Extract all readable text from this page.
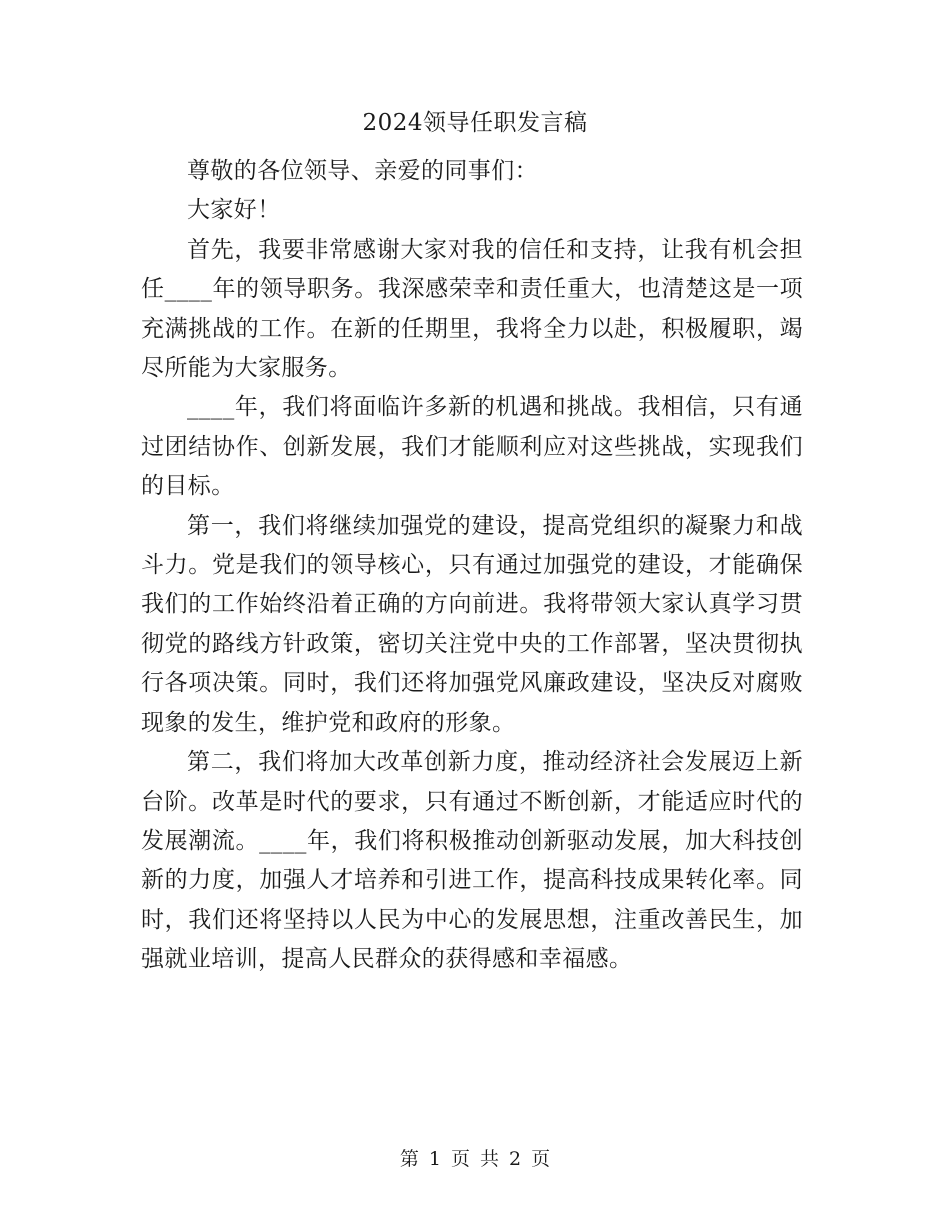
2024领导任职发言稿

尊敬的各位领导、亲爱的同事们：

大家好！

首先，我要非常感谢大家对我的信任和支持，让我有机会担任____年的领导职务。我深感荣幸和责任重大，也清楚这是一项充满挑战的工作。在新的任期里，我将全力以赴，积极履职，竭尽所能为大家服务。

____年，我们将面临许多新的机遇和挑战。我相信，只有通过团结协作、创新发展，我们才能顺利应对这些挑战，实现我们的目标。

第一，我们将继续加强党的建设，提高党组织的凝聚力和战斗力。党是我们的领导核心，只有通过加强党的建设，才能确保我们的工作始终沿着正确的方向前进。我将带领大家认真学习贯彻党的路线方针政策，密切关注党中央的工作部署，坚决贯彻执行各项决策。同时，我们还将加强党风廉政建设，坚决反对腐败现象的发生，维护党和政府的形象。

第二，我们将加大改革创新力度，推动经济社会发展迈上新台阶。改革是时代的要求，只有通过不断创新，才能适应时代的发展潮流。____年，我们将积极推动创新驱动发展，加大科技创新的力度，加强人才培养和引进工作，提高科技成果转化率。同时，我们还将坚持以人民为中心的发展思想，注重改善民生，加强就业培训，提高人民群众的获得感和幸福感。

第 1 页 共 2 页
